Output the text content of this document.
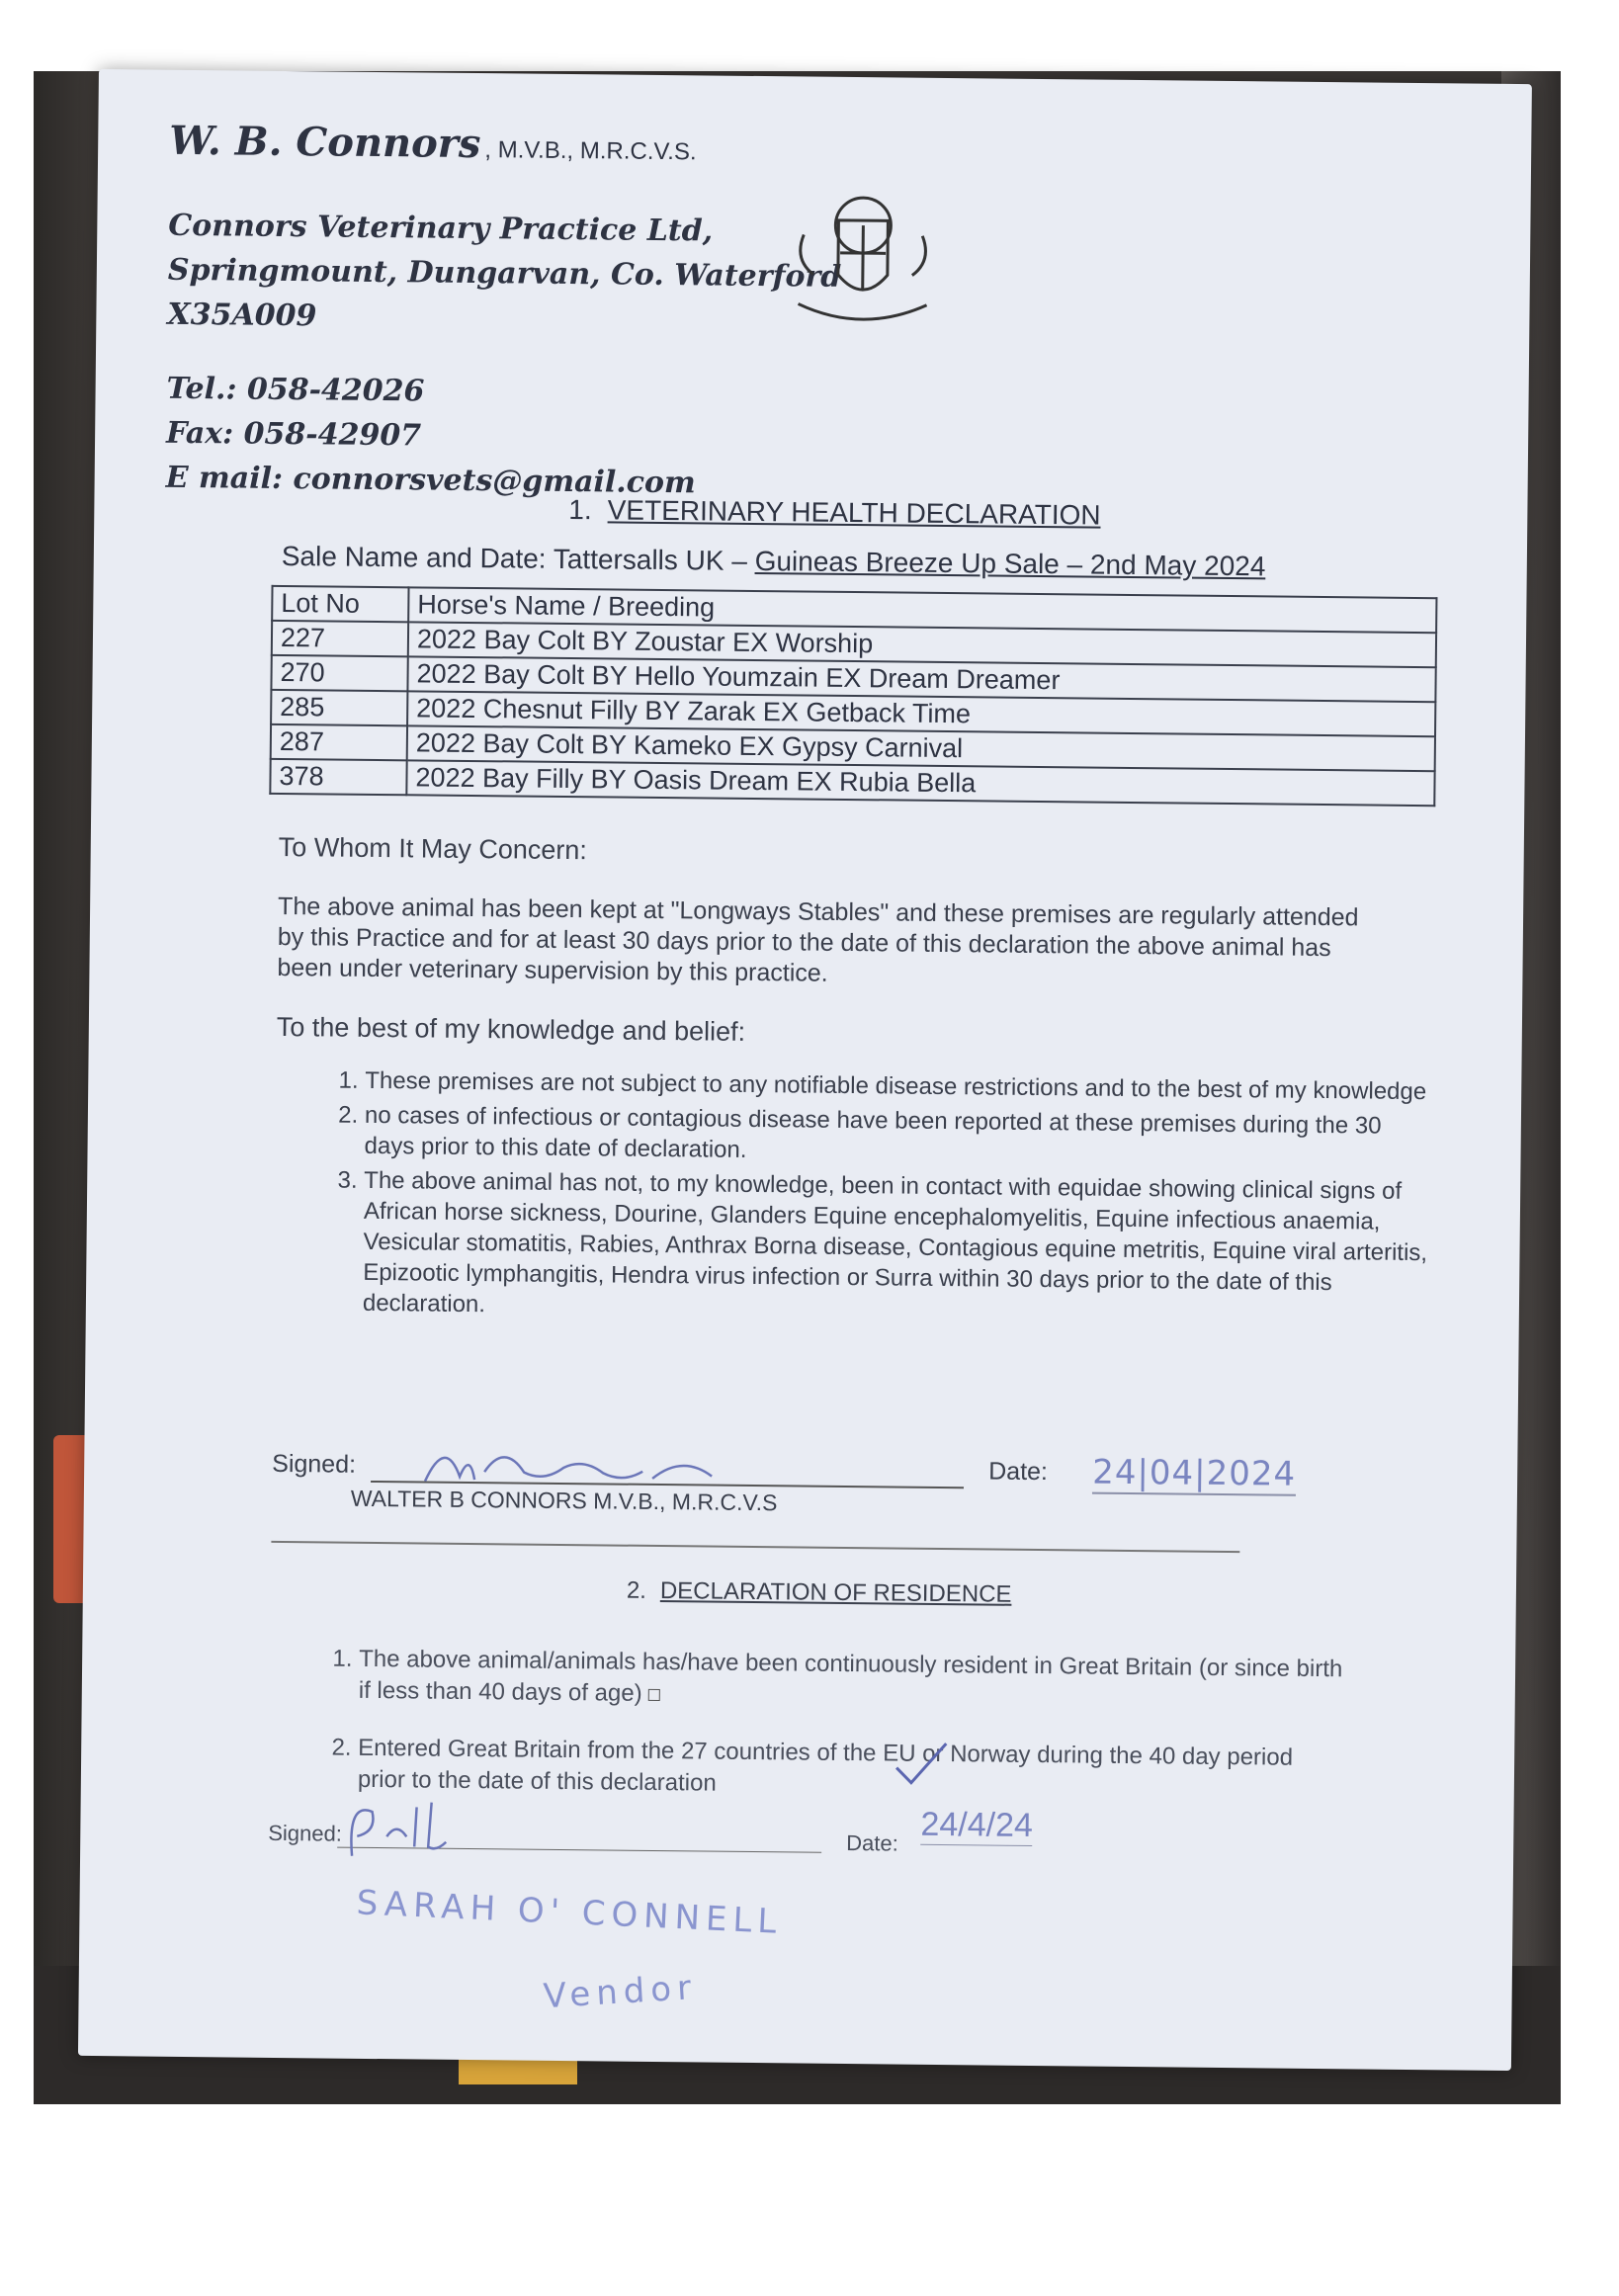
W. B. Connors , M.V.B., M.R.C.V.S.
Connors Veterinary Practice Ltd,
Springmount, Dungarvan, Co. Waterford
X35A009
Tel.: 058-42026
Fax: 058-42907
E mail: connorsvets@gmail.com
1. VETERINARY HEALTH DECLARATION
Sale Name and Date: Tattersalls UK – Guineas Breeze Up Sale – 2nd May 2024
Lot No	Horse's Name / Breeding
227	2022 Bay Colt BY Zoustar EX Worship
270	2022 Bay Colt BY Hello Youmzain EX Dream Dreamer
285	2022 Chesnut Filly BY Zarak EX Getback Time
287	2022 Bay Colt BY Kameko EX Gypsy Carnival
378	2022 Bay Filly BY Oasis Dream EX Rubia Bella
To Whom It May Concern:
The above animal has been kept at "Longways Stables" and these premises are regularly attended by this Practice and for at least 30 days prior to the date of this declaration the above animal has been under veterinary supervision by this practice.
To the best of my knowledge and belief:
1. These premises are not subject to any notifiable disease restrictions and to the best of my knowledge
2. no cases of infectious or contagious disease have been reported at these premises during the 30 days prior to this date of declaration.
3. The above animal has not, to my knowledge, been in contact with equidae showing clinical signs of African horse sickness, Dourine, Glanders Equine encephalomyelitis, Equine infectious anaemia, Vesicular stomatitis, Rabies, Anthrax Borna disease, Contagious equine metritis, Equine viral arteritis, Epizootic lymphangitis, Hendra virus infection or Surra within 30 days prior to the date of this declaration.
Signed:	Date: 24|04|2024
WALTER B CONNORS M.V.B., M.R.C.V.S
2. DECLARATION OF RESIDENCE
1. The above animal/animals has/have been continuously resident in Great Britain (or since birth if less than 40 days of age)
2. Entered Great Britain from the 27 countries of the EU or Norway during the 40 day period prior to the date of this declaration
Signed:	Date: 24/4/24
SARAH O' CONNELL
Vendor
